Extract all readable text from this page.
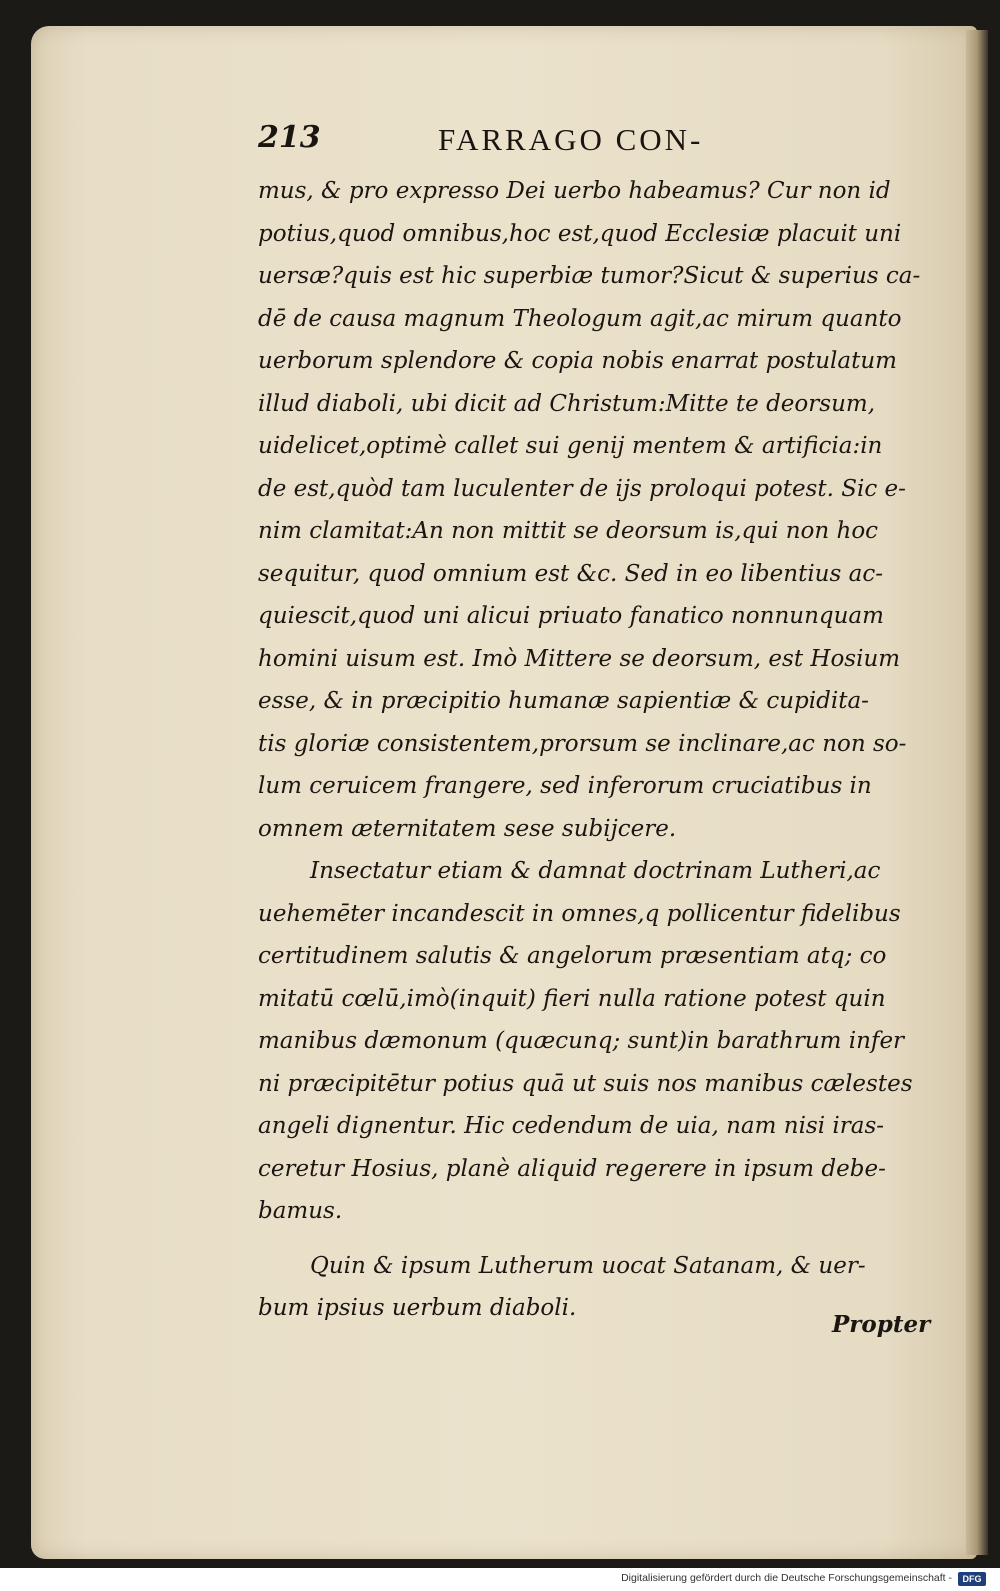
213	FARRAGO CON-
mus, & pro expresso Dei uerbo habeamus? Cur non id
potius,quod omnibus,hoc est,quod Ecclesiæ placuit uni
uersæ?quis est hic superbiæ tumor?Sicut & superius ca-
dē de causa magnum Theologum agit,ac mirum quanto
uerborum splendore & copia nobis enarrat postulatum
illud diaboli, ubi dicit ad Christum:Mitte te deorsum,
uidelicet,optimè callet sui genij mentem & artificia:in
de est,quòd tam luculenter de ijs proloqui potest. Sic e-
nim clamitat:An non mittit se deorsum is,qui non hoc
sequitur, quod omnium est &c. Sed in eo libentius ac-
quiescit,quod uni alicui priuato fanatico nonnunquam
homini uisum est. Imò Mittere se deorsum, est Hosium
esse, & in præcipitio humanæ sapientiæ & cupidita-
tis gloriæ consistentem,prorsum se inclinare,ac non so-
lum ceruicem frangere, sed inferorum cruciatibus in
omnem æternitatem sese subijcere.
Insectatur etiam & damnat doctrinam Lutheri,ac
uehemēter incandescit in omnes,q pollicentur fidelibus
certitudinem salutis & angelorum præsentiam atq; co
mitatū cœlū,imò(inquit) fieri nulla ratione potest quin
manibus dæmonum (quæcunq; sunt)in barathrum infer
ni præcipitētur potius quā ut suis nos manibus cælestes
angeli dignentur. Hic cedendum de uia, nam nisi iras-
ceretur Hosius, planè aliquid regerere in ipsum debe-
bamus.
Quin & ipsum Lutherum uocat Satanam, & uer-
bum ipsius uerbum diaboli.
Propter
Digitalisierung gefördert durch die Deutsche Forschungsgemeinschaft -	DFG
